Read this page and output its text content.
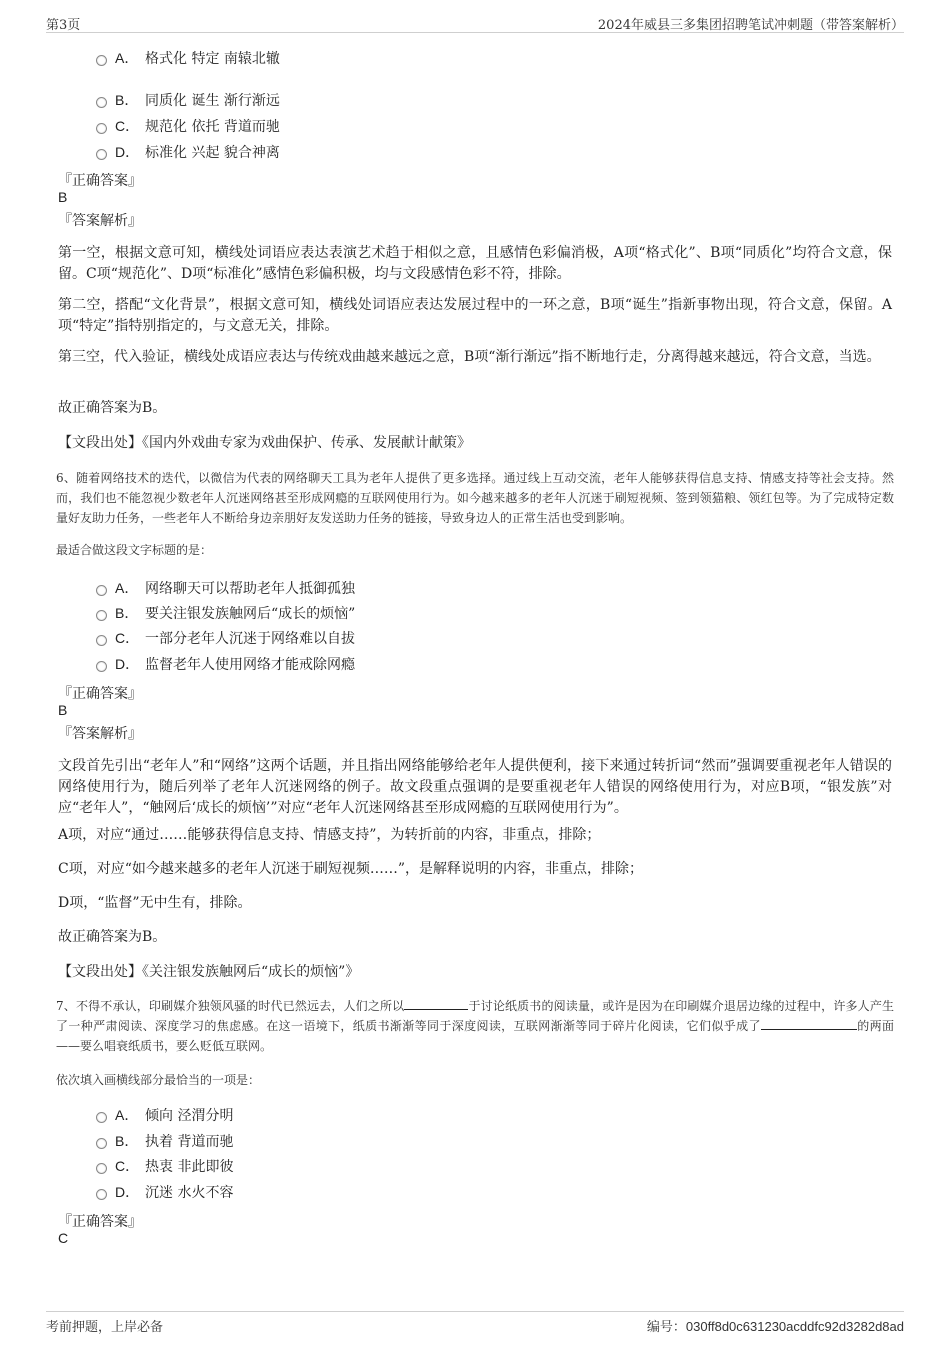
第3页	2024年威县三多集团招聘笔试冲刺题（带答案解析）
A． 格式化 特定 南辕北辙
B． 同质化 诞生 渐行渐远
C． 规范化 依托 背道而驰
D． 标准化 兴起 貌合神离
『正确答案』
B
『答案解析』

第一空，根据文意可知，横线处词语应表达表演艺术趋于相似之意，且感情色彩偏消极，A项“格式化”、B项“同质化”均符合文意，保留。C项“规范化”、D项“标准化”感情色彩偏积极，均与文段感情色彩不符，排除。

第二空，搭配“文化背景”，根据文意可知，横线处词语应表达发展过程中的一环之意，B项“诞生”指新事物出现，符合文意，保留。A项“特定”指特别指定的，与文意无关，排除。

第三空，代入验证，横线处成语应表达与传统戏曲越来越远之意，B项“渐行渐远”指不断地行走，分离得越来越远，符合文意，当选。

故正确答案为B。

【文段出处】《国内外戏曲专家为戏曲保护、传承、发展献计献策》

6、随着网络技术的迭代，以微信为代表的网络聊天工具为老年人提供了更多选择。通过线上互动交流，老年人能够获得信息支持、情感支持等社会支持。然而，我们也不能忽视少数老年人沉迷网络甚至形成网瘾的互联网使用行为。如今越来越多的老年人沉迷于刷短视频、签到领猫粮、领红包等。为了完成特定数量好友助力任务，一些老年人不断给身边亲朋好友发送助力任务的链接，导致身边人的正常生活也受到影响。

最适合做这段文字标题的是：
A． 网络聊天可以帮助老年人抵御孤独
B． 要关注银发族触网后“成长的烦恼”
C． 一部分老年人沉迷于网络难以自拔
D． 监督老年人使用网络才能戒除网瘾
『正确答案』
B
『答案解析』

文段首先引出“老年人”和“网络”这两个话题，并且指出网络能够给老年人提供便利，接下来通过转折词“然而”强调要重视老年人错误的网络使用行为，随后列举了老年人沉迷网络的例子。故文段重点强调的是要重视老年人错误的网络使用行为，对应B项，“银发族”对应“老年人”，“触网后‘成长的烦恼’”对应“老年人沉迷网络甚至形成网瘾的互联网使用行为”。

A项，对应“通过……能够获得信息支持、情感支持”，为转折前的内容，非重点，排除；

C项，对应“如今越来越多的老年人沉迷于刷短视频……”，是解释说明的内容，非重点，排除；

D项，“监督”无中生有，排除。

故正确答案为B。

【文段出处】《关注银发族触网后“成长的烦恼”》

7、不得不承认，印刷媒介独领风骚的时代已然远去，人们之所以	于讨论纸质书的阅读量，或许是因为在印刷媒介退居边缘的过程中，许多人产生了一种严肃阅读、深度学习的焦虑感。在这一语境下，纸质书渐渐等同于深度阅读，互联网渐渐等同于碎片化阅读，它们似乎成了	的两面——要么唱衰纸质书，要么贬低互联网。

依次填入画横线部分最恰当的一项是：
A． 倾向 泾渭分明
B． 执着 背道而驰
C． 热衷 非此即彼
D． 沉迷 水火不容
『正确答案』
C
考前押题，上岸必备	编号：030ff8d0c631230acddfc92d3282d8ad
